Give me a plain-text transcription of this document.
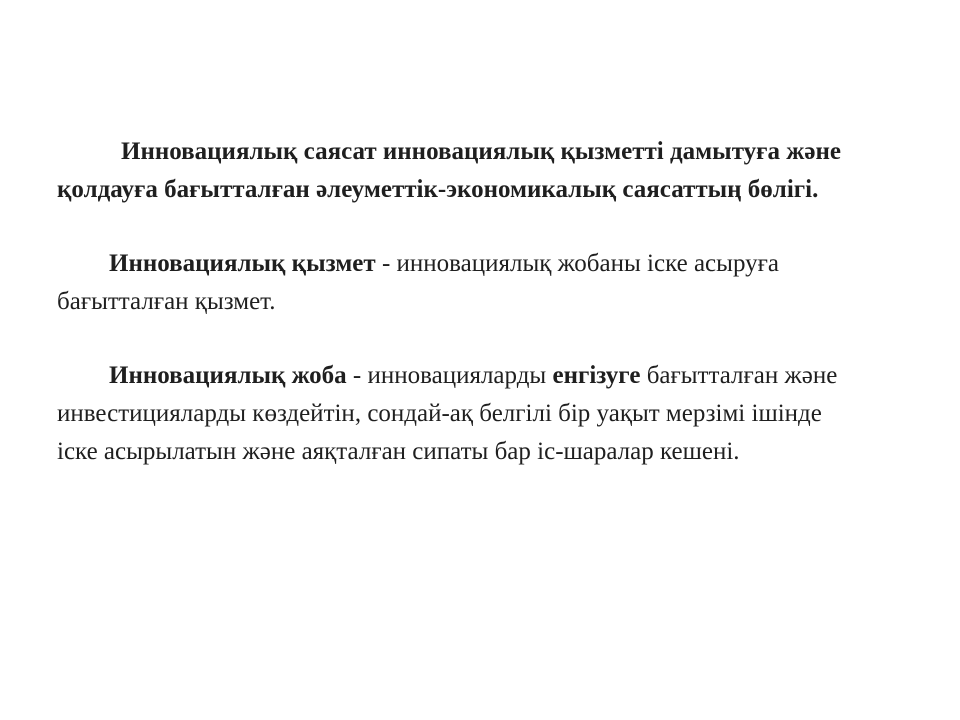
Инновациялық саясат инновациялық қызметті дамытуға және қолдауға бағытталған әлеуметтік-экономикалық саясаттың бөлігі.

Инновациялық қызмет - инновациялық жобаны іске асыруға бағытталған қызмет.

Инновациялық жоба - инновацияларды енгізуге бағытталған және инвестицияларды көздейтін, сондай-ақ белгілі бір уақыт мерзімі ішінде іске асырылатын және аяқталған сипаты бар іс-шаралар кешені.
